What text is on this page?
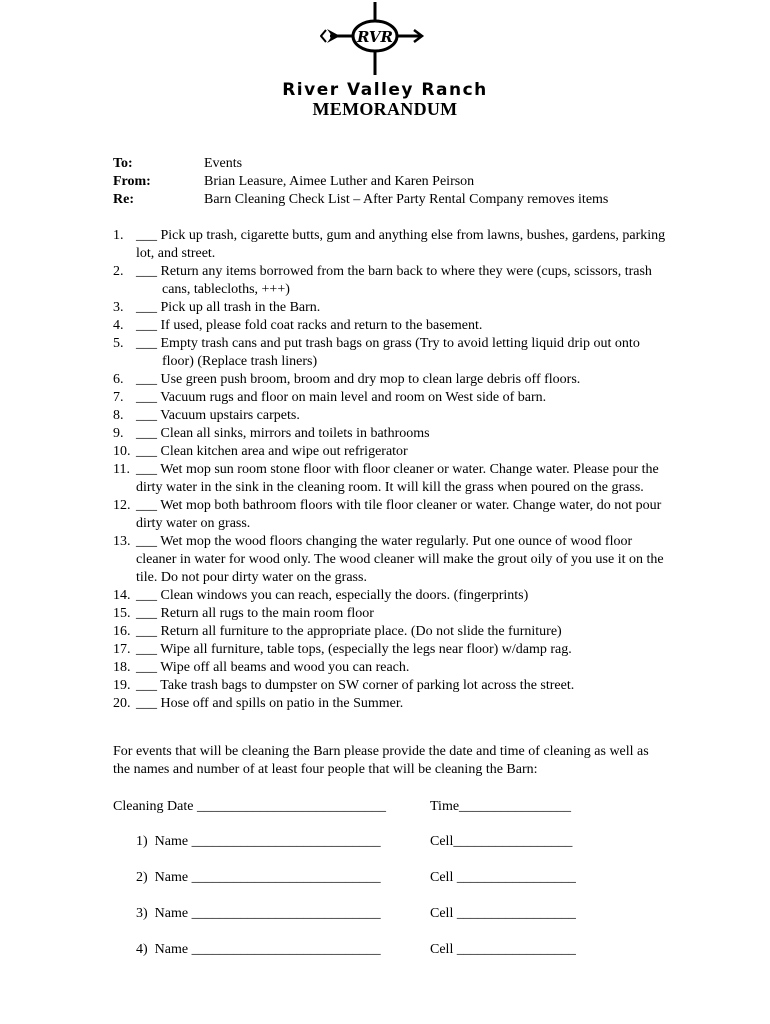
RVR
River Valley Ranch
MEMORANDUM
To:	Events
From:	Brian Leasure, Aimee Luther and Karen Peirson
Re:	Barn Cleaning Check List – After Party Rental Company removes items
1. ___ Pick up trash, cigarette butts, gum and anything else from lawns, bushes, gardens, parking lot, and street.
2. ___ Return any items borrowed from the barn back to where they were (cups, scissors, trash cans, tablecloths, +++)
3. ___ Pick up all trash in the Barn.
4. ___ If used, please fold coat racks and return to the basement.
5. ___ Empty trash cans and put trash bags on grass (Try to avoid letting liquid drip out onto floor) (Replace trash liners)
6. ___ Use green push broom, broom and dry mop to clean large debris off floors.
7. ___ Vacuum rugs and floor on main level and room on West side of barn.
8. ___ Vacuum upstairs carpets.
9. ___ Clean all sinks, mirrors and toilets in bathrooms
10. ___ Clean kitchen area and wipe out refrigerator
11. ___ Wet mop sun room stone floor with floor cleaner or water. Change water. Please pour the dirty water in the sink in the cleaning room. It will kill the grass when poured on the grass.
12. ___ Wet mop both bathroom floors with tile floor cleaner or water. Change water, do not pour dirty water on grass.
13. ___ Wet mop the wood floors changing the water regularly. Put one ounce of wood floor cleaner in water for wood only. The wood cleaner will make the grout oily of you use it on the tile. Do not pour dirty water on the grass.
14. ___ Clean windows you can reach, especially the doors. (fingerprints)
15. ___ Return all rugs to the main room floor
16. ___ Return all furniture to the appropriate place. (Do not slide the furniture)
17. ___ Wipe all furniture, table tops, (especially the legs near floor) w/damp rag.
18. ___ Wipe off all beams and wood you can reach.
19. ___ Take trash bags to dumpster on SW corner of parking lot across the street.
20. ___ Hose off and spills on patio in the Summer.
For events that will be cleaning the Barn please provide the date and time of cleaning as well as the names and number of at least four people that will be cleaning the Barn:
Cleaning Date ___________________________	Time________________
1)  Name ___________________________	Cell_________________
2)  Name ___________________________	Cell _________________
3)  Name ___________________________	Cell _________________
4)  Name ___________________________	Cell _________________
